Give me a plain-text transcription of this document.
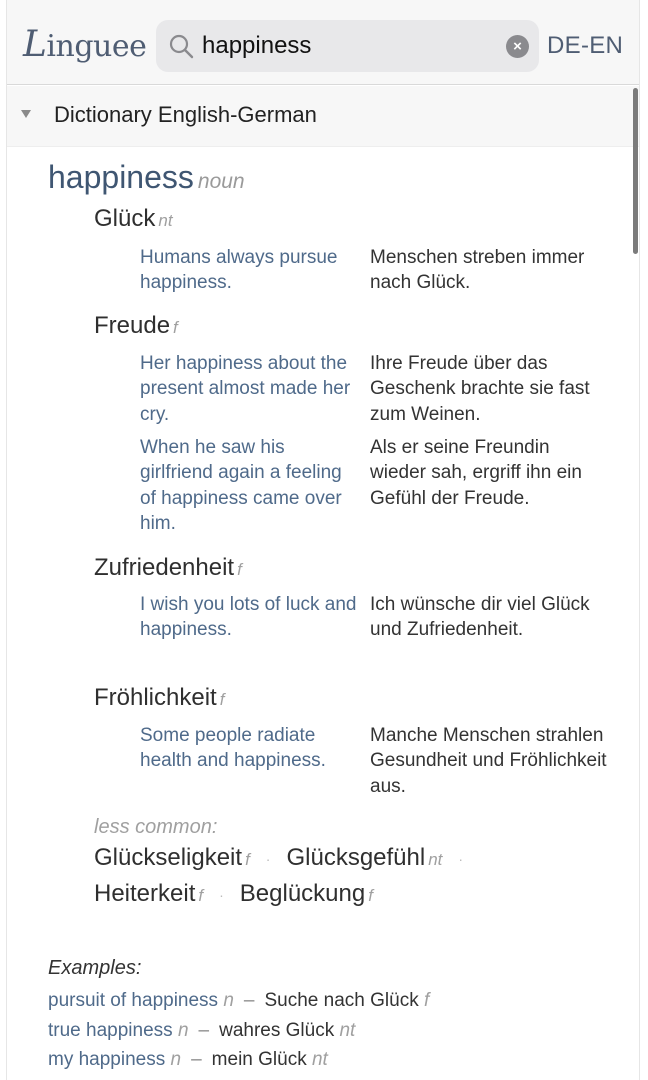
Linguee
happiness	× DE-EN
Dictionary English-German
happiness noun
Glück nt
Humans always pursue happiness.
Menschen streben immer nach Glück.
Freude f
Her happiness about the present almost made her cry.
Ihre Freude über das Geschenk brachte sie fast zum Weinen.
When he saw his girlfriend again a feeling of happiness came over him.
Als er seine Freundin wieder sah, ergriff ihn ein Gefühl der Freude.
Zufriedenheit f
I wish you lots of luck and happiness.
Ich wünsche dir viel Glück und Zufriedenheit.
Fröhlichkeit f
Some people radiate health and happiness.
Manche Menschen strahlen Gesundheit und Fröhlichkeit aus.
less common:
Glückseligkeit f · Glücksgefühl nt ·
Heiterkeit f · Beglückung f
Examples:
pursuit of happiness n – Suche nach Glück f
true happiness n – wahres Glück nt
my happiness n – mein Glück nt
